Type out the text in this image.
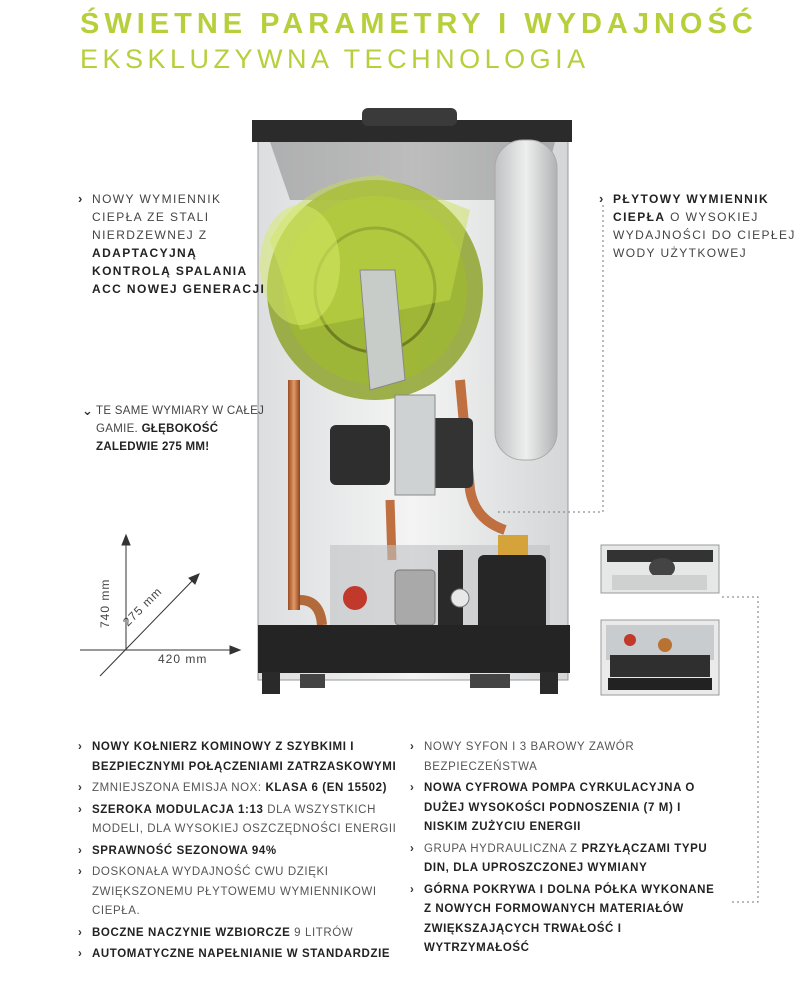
ŚWIETNE PARAMETRY I WYDAJNOŚĆ
EKSKLUZYWNA TECHNOLOGIA
740 mm 275 mm
420 mm
› NOWY WYMIENNIK CIEPŁA ZE STALI NIERDZEWNEJ Z ADAPTACYJNĄ KONTROLĄ SPALANIA ACC NOWEJ GENERACJI
› PŁYTOWY WYMIENNIK CIEPŁA O WYSOKIEJ WYDAJNOŚCI DO CIEPŁEJ WODY UŻYTKOWEJ
⌄ TE SAME WYMIARY W CAŁEJ GAMIE. GŁĘBOKOŚĆ ZALEDWIE 275 MM!
› NOWY KOŁNIERZ KOMINOWY Z SZYBKIMI I BEZPIECZNYMI POŁĄCZENIAMI ZATRZASKOWYMI
› ZMNIEJSZONA EMISJA NOX: KLASA 6 (EN 15502)
› SZEROKA MODULACJA 1:13 DLA WSZYSTKICH MODELI, DLA WYSOKIEJ OSZCZĘDNOŚCI ENERGII
› SPRAWNOŚĆ SEZONOWA 94%
› DOSKONAŁA WYDAJNOŚĆ CWU DZIĘKI ZWIĘKSZONEMU PŁYTOWEMU WYMIENNIKOWI CIEPŁA.
› BOCZNE NACZYNIE WZBIORCZE 9 LITRÓW
› AUTOMATYCZNE NAPEŁNIANIE W STANDARDZIE
› NOWY SYFON I 3 BAROWY ZAWÓR BEZPIECZEŃSTWA
› NOWA CYFROWA POMPA CYRKULACYJNA O DUŻEJ WYSOKOŚCI PODNOSZENIA (7 M) I NISKIM ZUŻYCIU ENERGII
› GRUPA HYDRAULICZNA Z PRZYŁĄCZAMI TYPU DIN, DLA UPROSZCZONEJ WYMIANY
› GÓRNA POKRYWA I DOLNA PÓŁKA WYKONANE Z NOWYCH FORMOWANYCH MATERIAŁÓW ZWIĘKSZAJĄCYCH TRWAŁOŚĆ I WYTRZYMAŁOŚĆ
